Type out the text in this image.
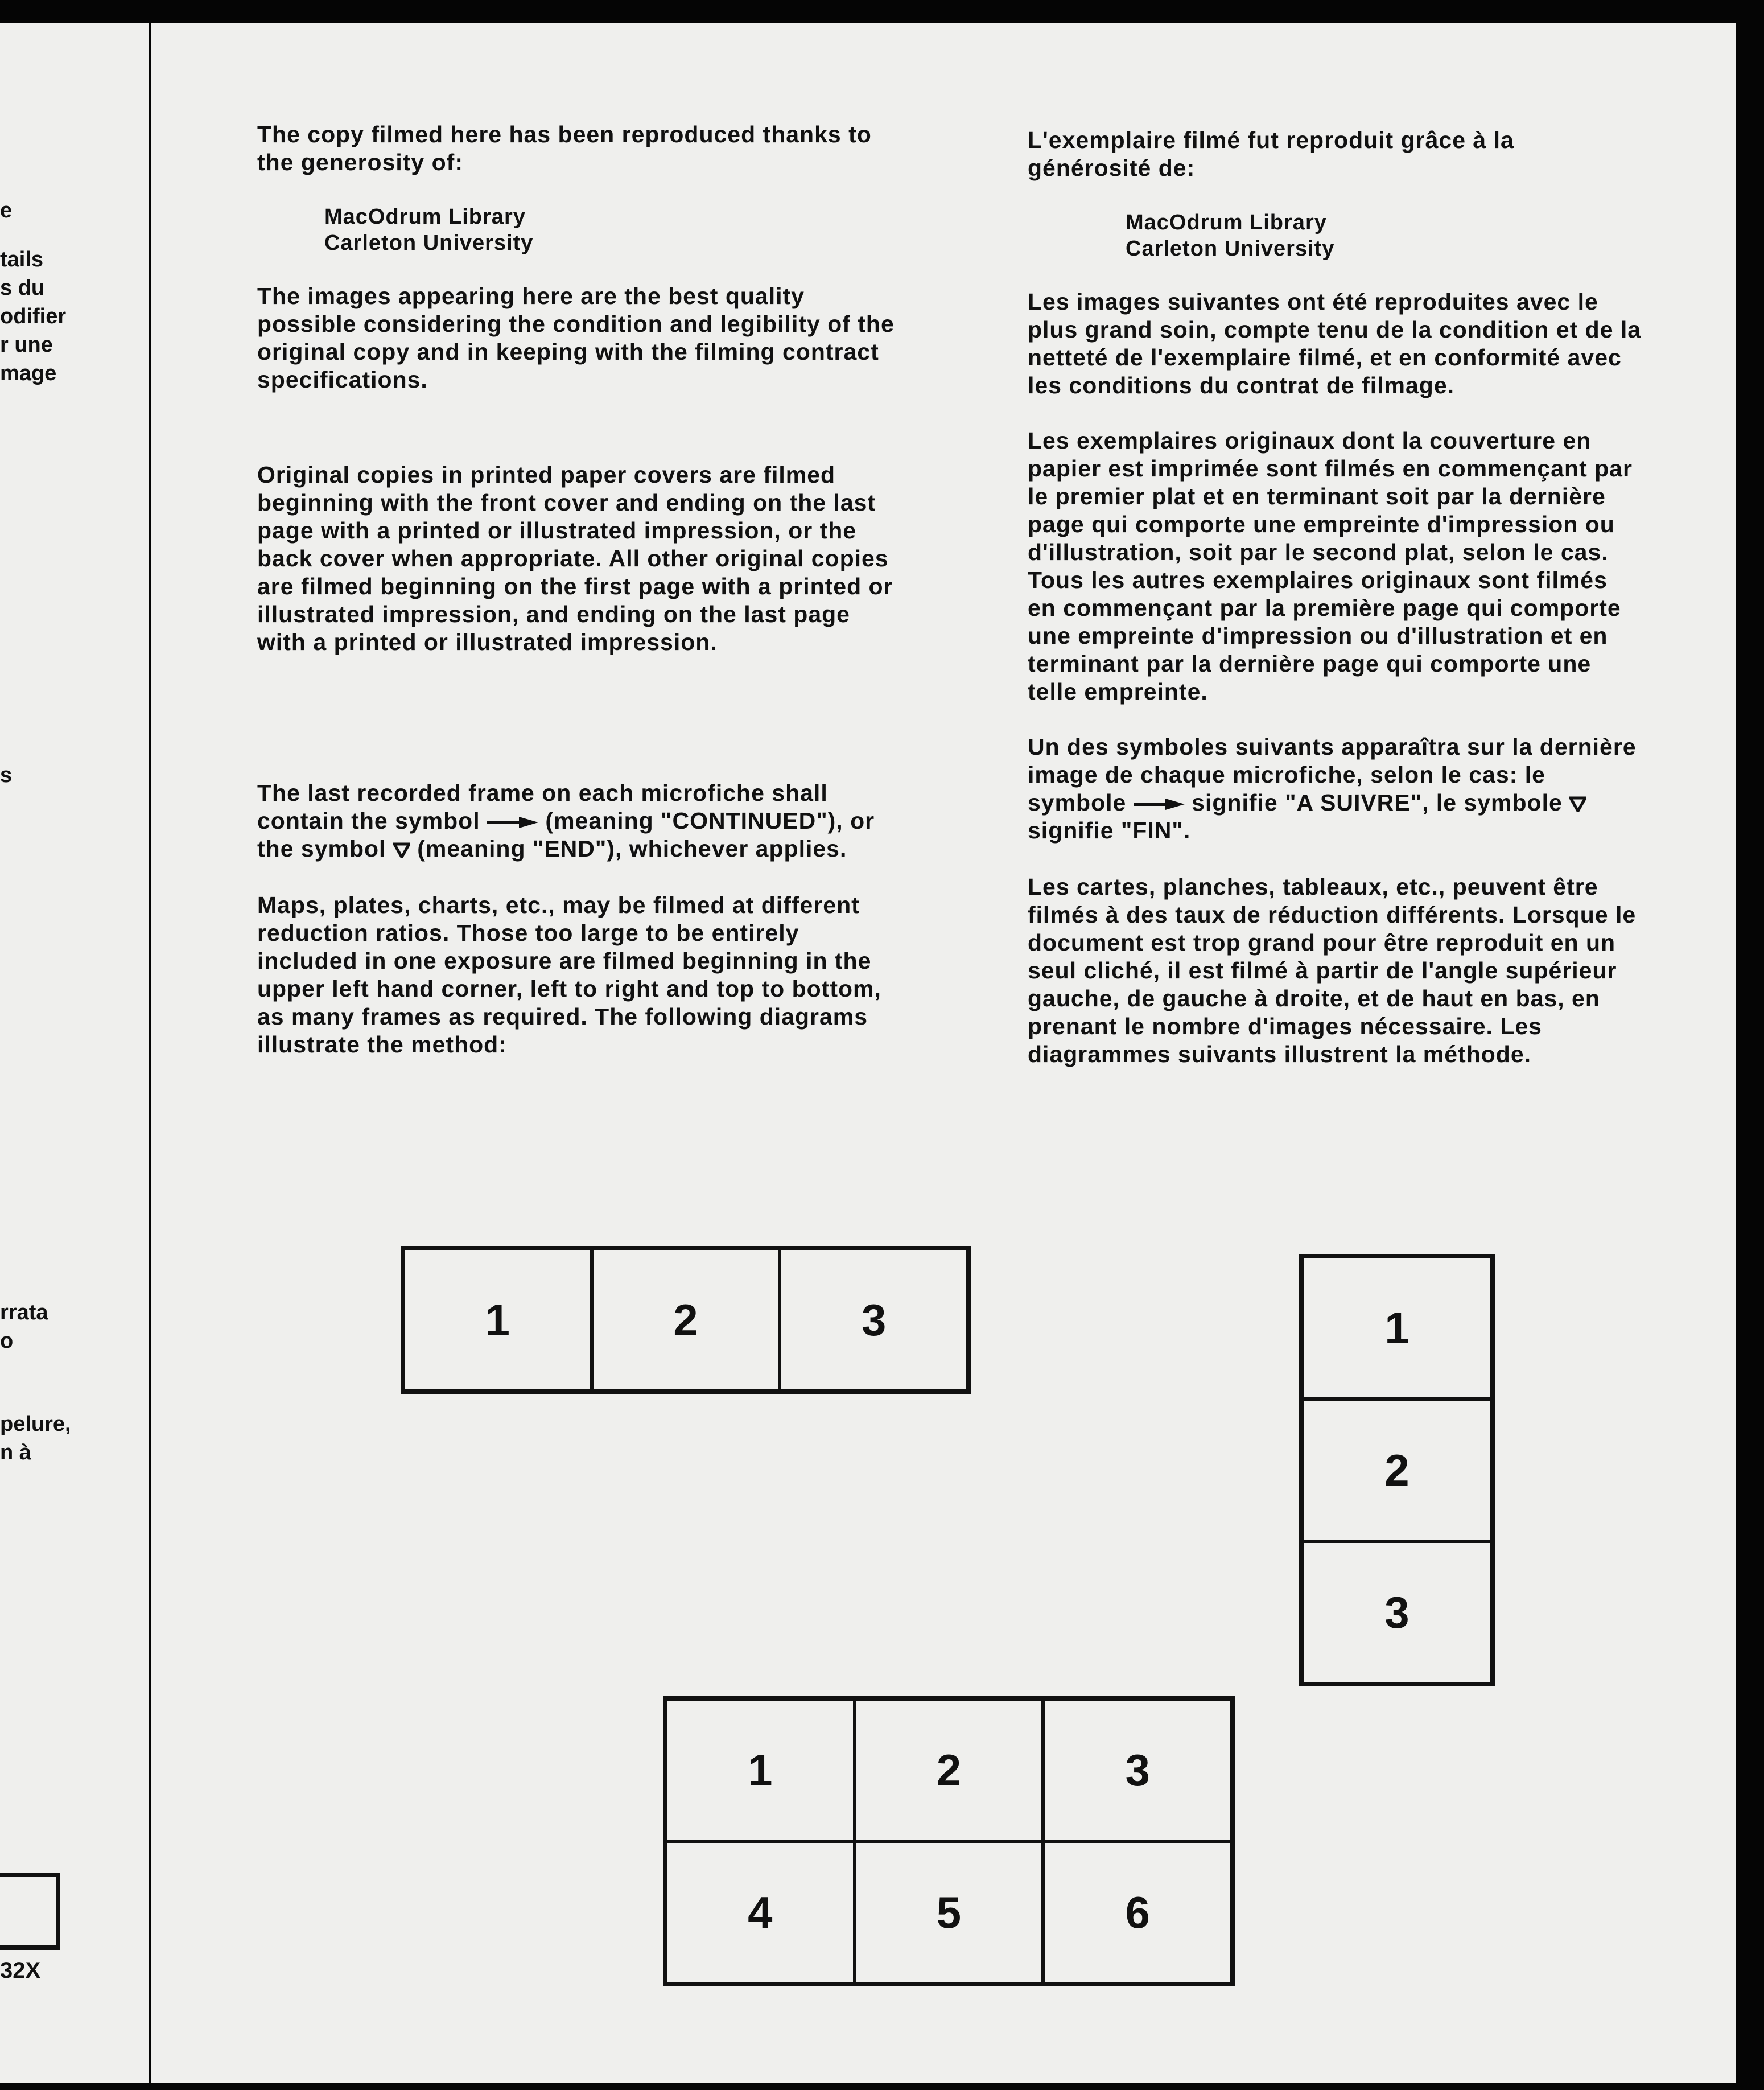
e
tails
s du
odifier
r une
mage
s
rrata
o
pelure,
n à
32X

The copy filmed here has been reproduced thanks to the generosity of:

MacOdrum Library
Carleton University

The images appearing here are the best quality possible considering the condition and legibility of the original copy and in keeping with the filming contract specifications.

Original copies in printed paper covers are filmed beginning with the front cover and ending on the last page with a printed or illustrated impression, or the back cover when appropriate. All other original copies are filmed beginning on the first page with a printed or illustrated impression, and ending on the last page with a printed or illustrated impression.

The last recorded frame on each microfiche shall contain the symbol	(meaning "CONTINUED"), or the symbol (meaning "END"), whichever applies.

Maps, plates, charts, etc., may be filmed at different reduction ratios. Those too large to be entirely included in one exposure are filmed beginning in the upper left hand corner, left to right and top to bottom, as many frames as required. The following diagrams illustrate the method:

L'exemplaire filmé fut reproduit grâce à la générosité de:

MacOdrum Library
Carleton University

Les images suivantes ont été reproduites avec le plus grand soin, compte tenu de la condition et de la netteté de l'exemplaire filmé, et en conformité avec les conditions du contrat de filmage.

Les exemplaires originaux dont la couverture en papier est imprimée sont filmés en commençant par le premier plat et en terminant soit par la dernière page qui comporte une empreinte d'impression ou d'illustration, soit par le second plat, selon le cas. Tous les autres exemplaires originaux sont filmés en commençant par la première page qui comporte une empreinte d'impression ou d'illustration et en terminant par la dernière page qui comporte une telle empreinte.

Un des symboles suivants apparaîtra sur la dernière image de chaque microfiche, selon le cas: le symbole	signifie "A SUIVRE", le symbole  signifie "FIN".

Les cartes, planches, tableaux, etc., peuvent être filmés à des taux de réduction différents. Lorsque le document est trop grand pour être reproduit en un seul cliché, il est filmé à partir de l'angle supérieur gauche, de gauche à droite, et de haut en bas, en prenant le nombre d'images nécessaire. Les diagrammes suivants illustrent la méthode.

1	2	3	1
2
3
1	2	3
4	5	6
